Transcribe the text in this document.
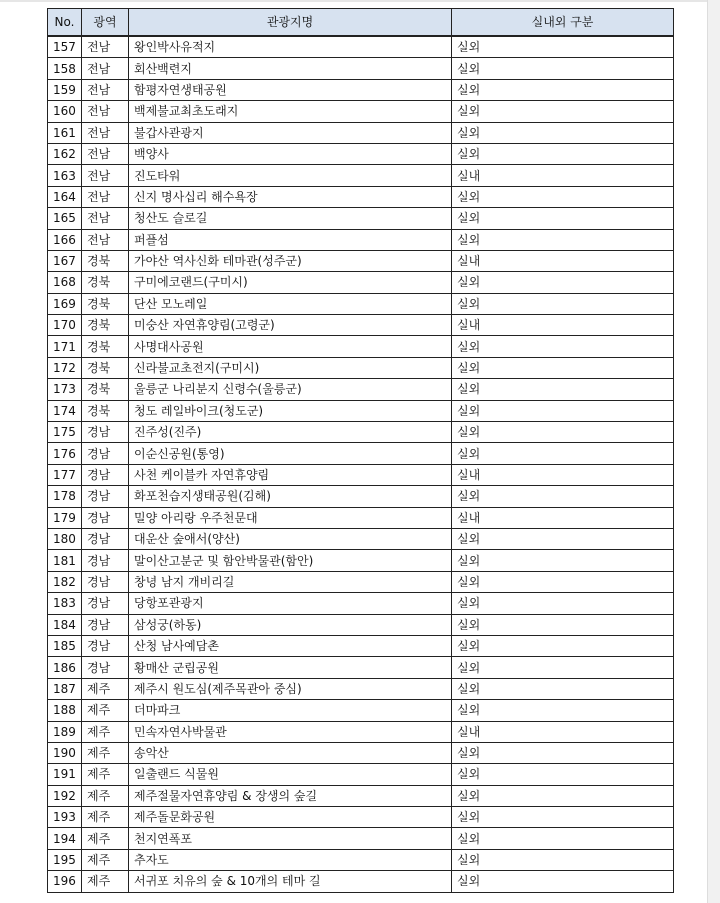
No.	광역	관광지명	실내외 구분
157	전남	왕인박사유적지	실외
158	전남	회산백련지	실외
159	전남	함평자연생태공원	실외
160	전남	백제불교최초도래지	실외
161	전남	불갑사관광지	실외
162	전남	백양사	실외
163	전남	진도타워	실내
164	전남	신지 명사십리 해수욕장	실외
165	전남	청산도 슬로길	실외
166	전남	퍼플섬	실외
167	경북	가야산 역사신화 테마관(성주군)	실내
168	경북	구미에코랜드(구미시)	실외
169	경북	단산 모노레일	실외
170	경북	미숭산 자연휴양림(고령군)	실내
171	경북	사명대사공원	실외
172	경북	신라불교초전지(구미시)	실외
173	경북	울릉군 나리분지 신령수(울릉군)	실외
174	경북	청도 레일바이크(청도군)	실외
175	경남	진주성(진주)	실외
176	경남	이순신공원(통영)	실외
177	경남	사천 케이블카 자연휴양림	실내
178	경남	화포천습지생태공원(김해)	실외
179	경남	밀양 아리랑 우주천문대	실내
180	경남	대운산 숲애서(양산)	실외
181	경남	말이산고분군 및 함안박물관(함안)	실외
182	경남	창녕 남지 개비리길	실외
183	경남	당항포관광지	실외
184	경남	삼성궁(하동)	실외
185	경남	산청 남사예담촌	실외
186	경남	황매산 군립공원	실외
187	제주	제주시 원도심(제주목관아 중심)	실외
188	제주	더마파크	실외
189	제주	민속자연사박물관	실내
190	제주	송악산	실외
191	제주	일출랜드 식물원	실외
192	제주	제주절물자연휴양림 & 장생의 숲길	실외
193	제주	제주돌문화공원	실외
194	제주	천지연폭포	실외
195	제주	추자도	실외
196	제주	서귀포 치유의 숲 & 10개의 테마 길	실외
